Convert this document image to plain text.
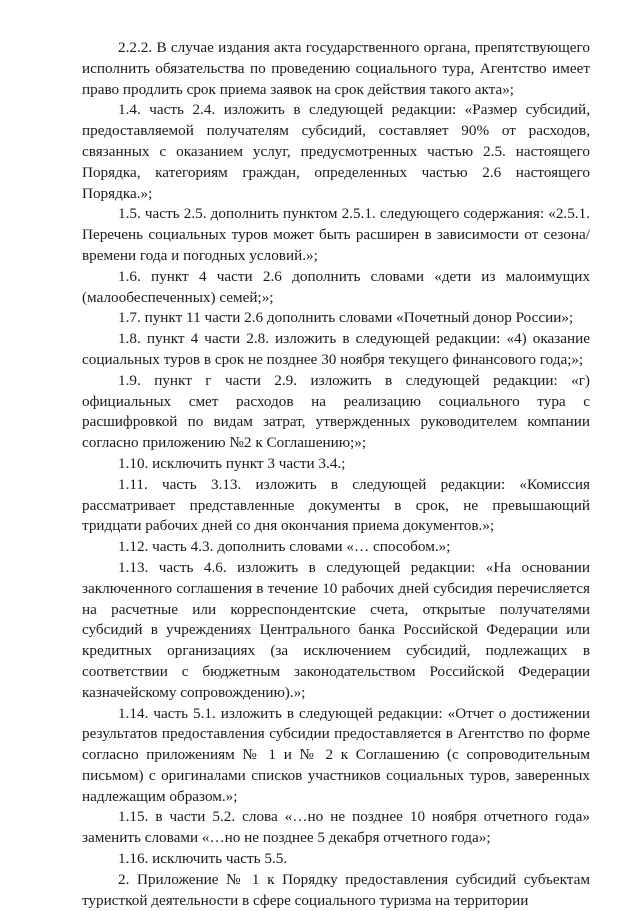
2.2.2. В случае издания акта государственного органа, препятствующего исполнить обязательства по проведению социального тура, Агентство имеет право продлить срок приема заявок на срок действия такого акта»;

1.4. часть 2.4. изложить в следующей редакции: «Размер субсидий, предоставляемой получателям субсидий, составляет 90% от расходов, связанных с оказанием услуг, предусмотренных частью 2.5. настоящего Порядка, категориям граждан, определенных частью 2.6 настоящего Порядка.»;

1.5. часть 2.5. дополнить пунктом 2.5.1. следующего содержания: «2.5.1. Перечень социальных туров может быть расширен в зависимости от сезона/времени года и погодных условий.»;

1.6. пункт 4 части 2.6 дополнить словами «дети из малоимущих (малообеспеченных) семей;»;

1.7. пункт 11 части 2.6 дополнить словами «Почетный донор России»;

1.8. пункт 4 части 2.8. изложить в следующей редакции: «4) оказание социальных туров в срок не позднее 30 ноября текущего финансового года;»;

1.9. пункт г части 2.9. изложить в следующей редакции: «г) официальных смет расходов на реализацию социального тура с расшифровкой по видам затрат, утвержденных руководителем компании согласно приложению №2 к Соглашению;»;

1.10. исключить пункт 3 части 3.4.;

1.11. часть 3.13. изложить в следующей редакции: «Комиссия рассматривает представленные документы в срок, не превышающий тридцати рабочих дней со дня окончания приема документов.»;

1.12. часть 4.3. дополнить словами «… способом.»;

1.13. часть 4.6. изложить в следующей редакции: «На основании заключенного соглашения в течение 10 рабочих дней субсидия перечисляется на расчетные или корреспондентские счета, открытые получателями субсидий в учреждениях Центрального банка Российской Федерации или кредитных организациях (за исключением субсидий, подлежащих в соответствии с бюджетным законодательством Российской Федерации казначейскому сопровождению).»;

1.14. часть 5.1. изложить в следующей редакции: «Отчет о достижении результатов предоставления субсидии предоставляется в Агентство по форме согласно приложениям № 1 и № 2 к Соглашению (с сопроводительным письмом) с оригиналами списков участников социальных туров, заверенных надлежащим образом.»;

1.15. в части 5.2. слова «…но не позднее 10 ноября отчетного года» заменить словами «…но не позднее 5 декабря отчетного года»;

1.16. исключить часть 5.5.

2. Приложение № 1 к Порядку предоставления субсидий субъектам туристкой деятельности в сфере социального туризма на территории
